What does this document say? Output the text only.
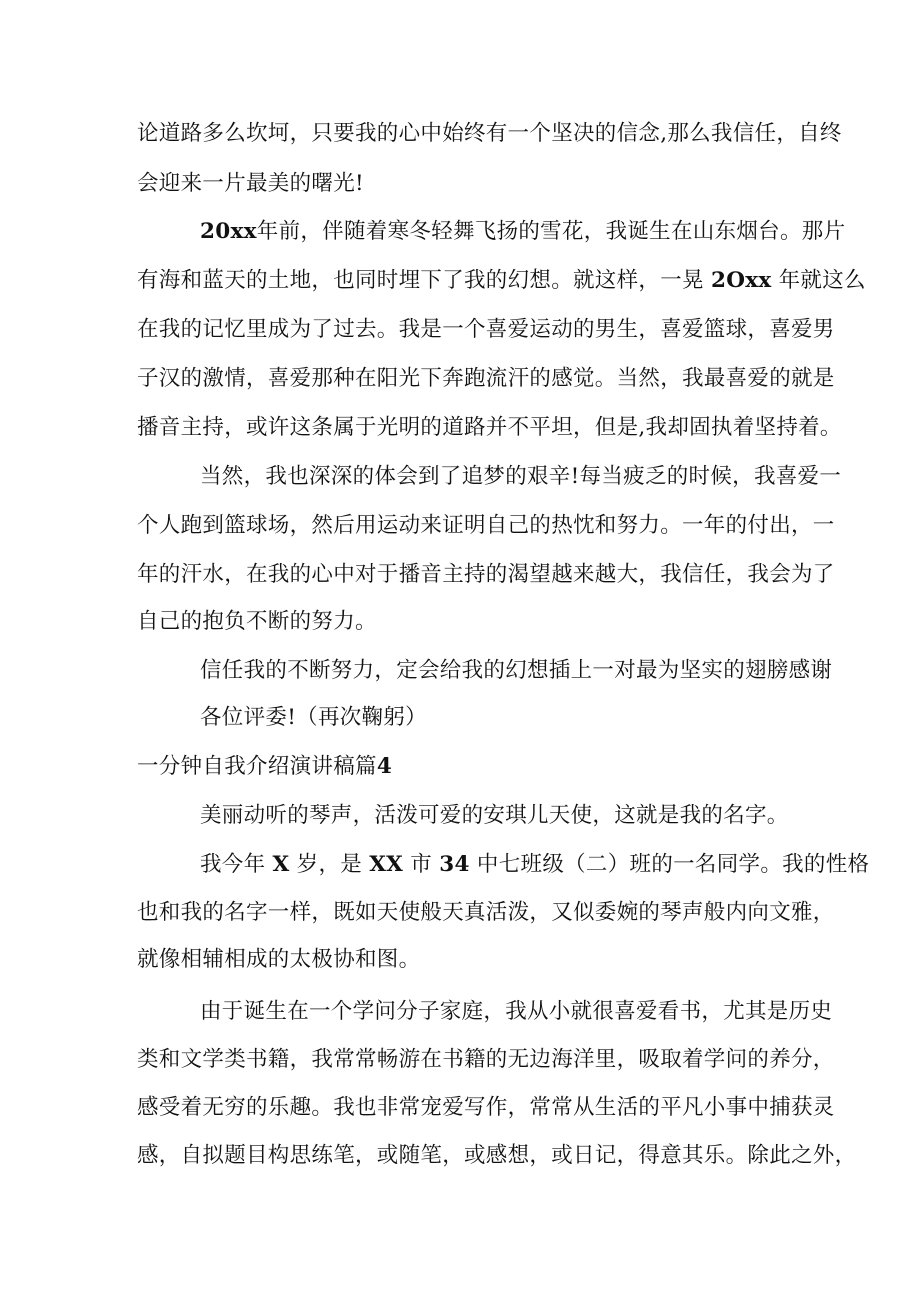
论道路多么坎坷，只要我的心中始终有一个坚决的信念,那么我信任，自终
会迎来一片最美的曙光!
20xx年前，伴随着寒冬轻舞飞扬的雪花，我诞生在山东烟台。那片
有海和蓝天的土地，也同时埋下了我的幻想。就这样，一晃 2Oxx 年就这么
在我的记忆里成为了过去。我是一个喜爱运动的男生，喜爱篮球，喜爱男
子汉的激情，喜爱那种在阳光下奔跑流汗的感觉。当然，我最喜爱的就是
播音主持，或许这条属于光明的道路并不平坦，但是,我却固执着坚持着。
当然，我也深深的体会到了追梦的艰辛!每当疲乏的时候，我喜爱一
个人跑到篮球场，然后用运动来证明自己的热忱和努力。一年的付出，一
年的汗水，在我的心中对于播音主持的渴望越来越大，我信任，我会为了
自己的抱负不断的努力。
信任我的不断努力，定会给我的幻想插上一对最为坚实的翅膀感谢
各位评委!（再次鞠躬）
一分钟自我介绍演讲稿篇4
美丽动听的琴声，活泼可爱的安琪儿天使，这就是我的名字。
我今年 X 岁，是 XX 市 34 中七班级（二）班的一名同学。我的性格
也和我的名字一样，既如天使般天真活泼，又似委婉的琴声般内向文雅，
就像相辅相成的太极协和图。
由于诞生在一个学问分子家庭，我从小就很喜爱看书，尤其是历史
类和文学类书籍，我常常畅游在书籍的无边海洋里，吸取着学问的养分，
感受着无穷的乐趣。我也非常宠爱写作，常常从生活的平凡小事中捕获灵
感，自拟题目构思练笔，或随笔，或感想，或日记，得意其乐。除此之外，
